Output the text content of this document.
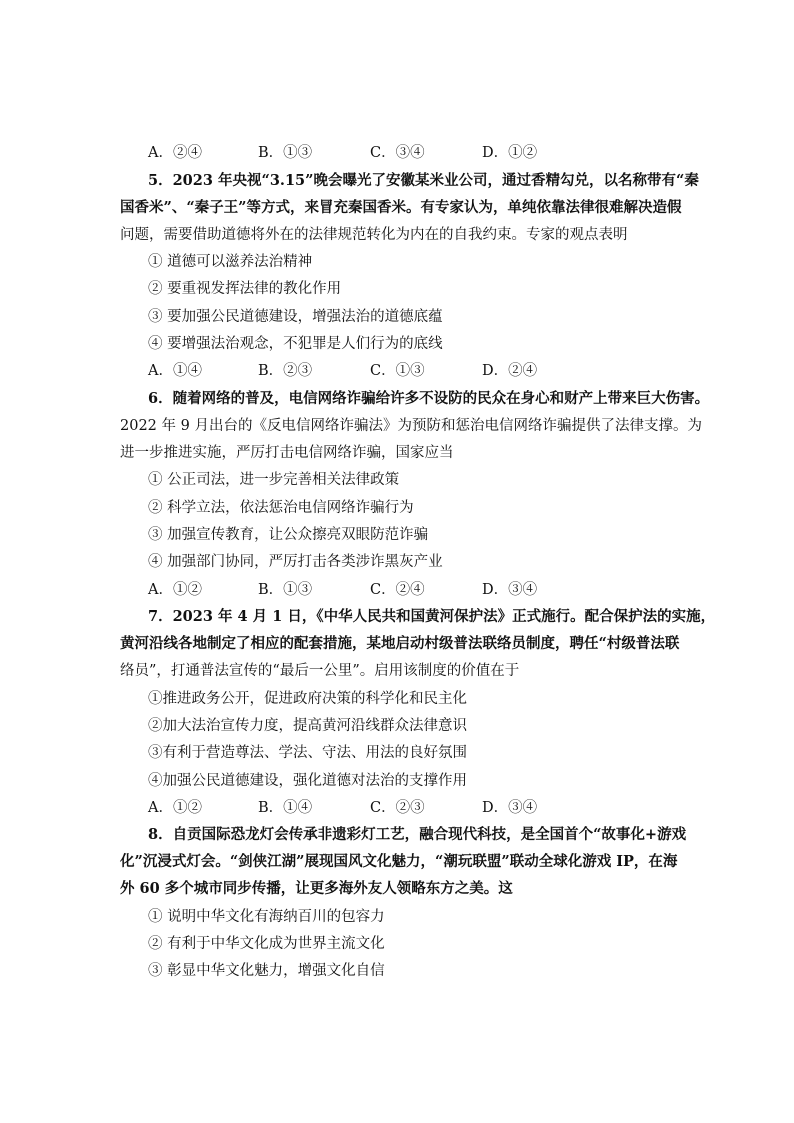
A．②④	B．①③	C．③④	D．①②
5．2023 年央视“3.15”晚会曝光了安徽某米业公司，通过香精勾兑，以名称带有“秦
国香米”、“秦子王”等方式，来冒充秦国香米。有专家认为，单纯依靠法律很难解决造假
问题，需要借助道德将外在的法律规范转化为内在的自我约束。专家的观点表明
① 道德可以滋养法治精神
② 要重视发挥法律的教化作用
③ 要加强公民道德建设，增强法治的道德底蕴
④ 要增强法治观念，不犯罪是人们行为的底线
A．①④	B．②③	C．①③	D．②④
6．随着网络的普及，电信网络诈骗给许多不设防的民众在身心和财产上带来巨大伤害。
2022 年 9 月出台的《反电信网络诈骗法》为预防和惩治电信网络诈骗提供了法律支撑。为
进一步推进实施，严厉打击电信网络诈骗，国家应当
① 公正司法，进一步完善相关法律政策
② 科学立法，依法惩治电信网络诈骗行为
③ 加强宣传教育，让公众擦亮双眼防范诈骗
④ 加强部门协同，严厉打击各类涉诈黑灰产业
A．①②	B．①③	C．②④	D．③④
7．2023 年 4 月 1 日，《中华人民共和国黄河保护法》正式施行。配合保护法的实施，
黄河沿线各地制定了相应的配套措施，某地启动村级普法联络员制度，聘任“村级普法联
络员”，打通普法宣传的“最后一公里”。启用该制度的价值在于
①推进政务公开，促进政府决策的科学化和民主化
②加大法治宣传力度，提高黄河沿线群众法律意识
③有利于营造尊法、学法、守法、用法的良好氛围
④加强公民道德建设，强化道德对法治的支撑作用
A．①②	B．①④	C．②③	D．③④
8．自贡国际恐龙灯会传承非遗彩灯工艺，融合现代科技，是全国首个“故事化+游戏
化”沉浸式灯会。“剑侠江湖”展现国风文化魅力，“潮玩联盟”联动全球化游戏 IP，在海
外 60 多个城市同步传播，让更多海外友人领略东方之美。这
① 说明中华文化有海纳百川的包容力
② 有利于中华文化成为世界主流文化
③ 彰显中华文化魅力，增强文化自信
